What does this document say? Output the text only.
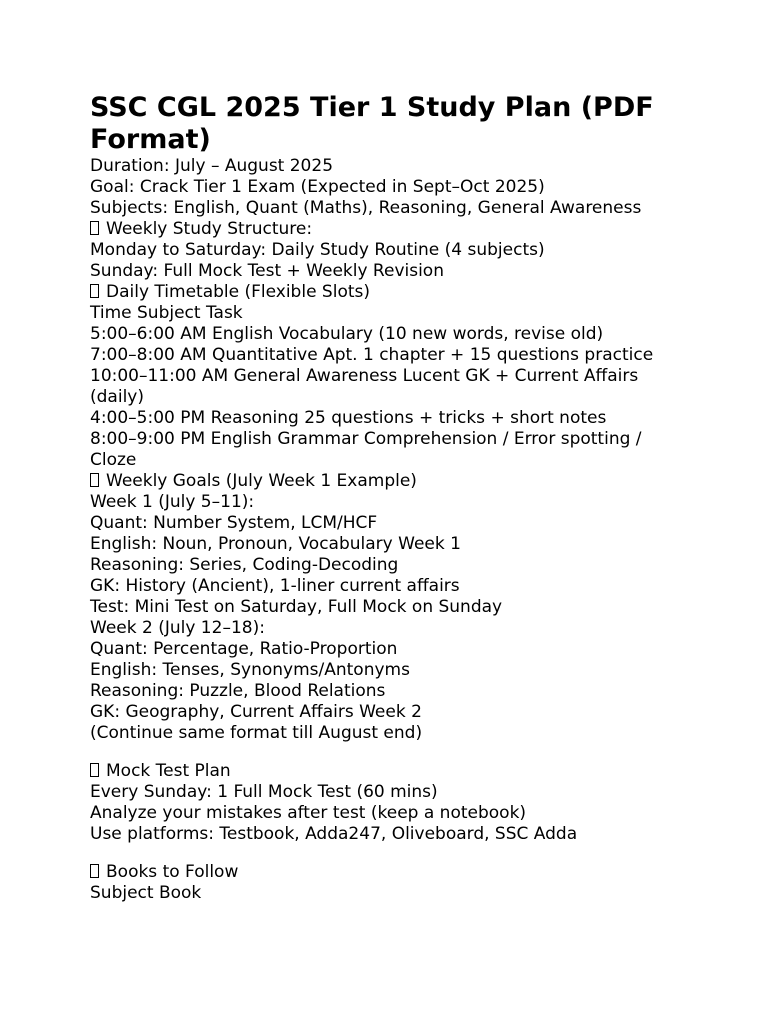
SSC CGL 2025 Tier 1 Study Plan (PDF Format)
Duration: July – August 2025
Goal: Crack Tier 1 Exam (Expected in Sept–Oct 2025)
Subjects: English, Quant (Maths), Reasoning, General Awareness
Weekly Study Structure:
Monday to Saturday: Daily Study Routine (4 subjects)
Sunday: Full Mock Test + Weekly Revision
Daily Timetable (Flexible Slots)
Time Subject Task
5:00–6:00 AM English Vocabulary (10 new words, revise old)
7:00–8:00 AM Quantitative Apt. 1 chapter + 15 questions practice
10:00–11:00 AM General Awareness Lucent GK + Current Affairs (daily)
4:00–5:00 PM Reasoning 25 questions + tricks + short notes
8:00–9:00 PM English Grammar Comprehension / Error spotting / Cloze
Weekly Goals (July Week 1 Example)
Week 1 (July 5–11):
Quant: Number System, LCM/HCF
English: Noun, Pronoun, Vocabulary Week 1
Reasoning: Series, Coding-Decoding
GK: History (Ancient), 1-liner current affairs
Test: Mini Test on Saturday, Full Mock on Sunday
Week 2 (July 12–18):
Quant: Percentage, Ratio-Proportion
English: Tenses, Synonyms/Antonyms
Reasoning: Puzzle, Blood Relations
GK: Geography, Current Affairs Week 2
(Continue same format till August end)
Mock Test Plan
Every Sunday: 1 Full Mock Test (60 mins)
Analyze your mistakes after test (keep a notebook)
Use platforms: Testbook, Adda247, Oliveboard, SSC Adda
Books to Follow
Subject Book
